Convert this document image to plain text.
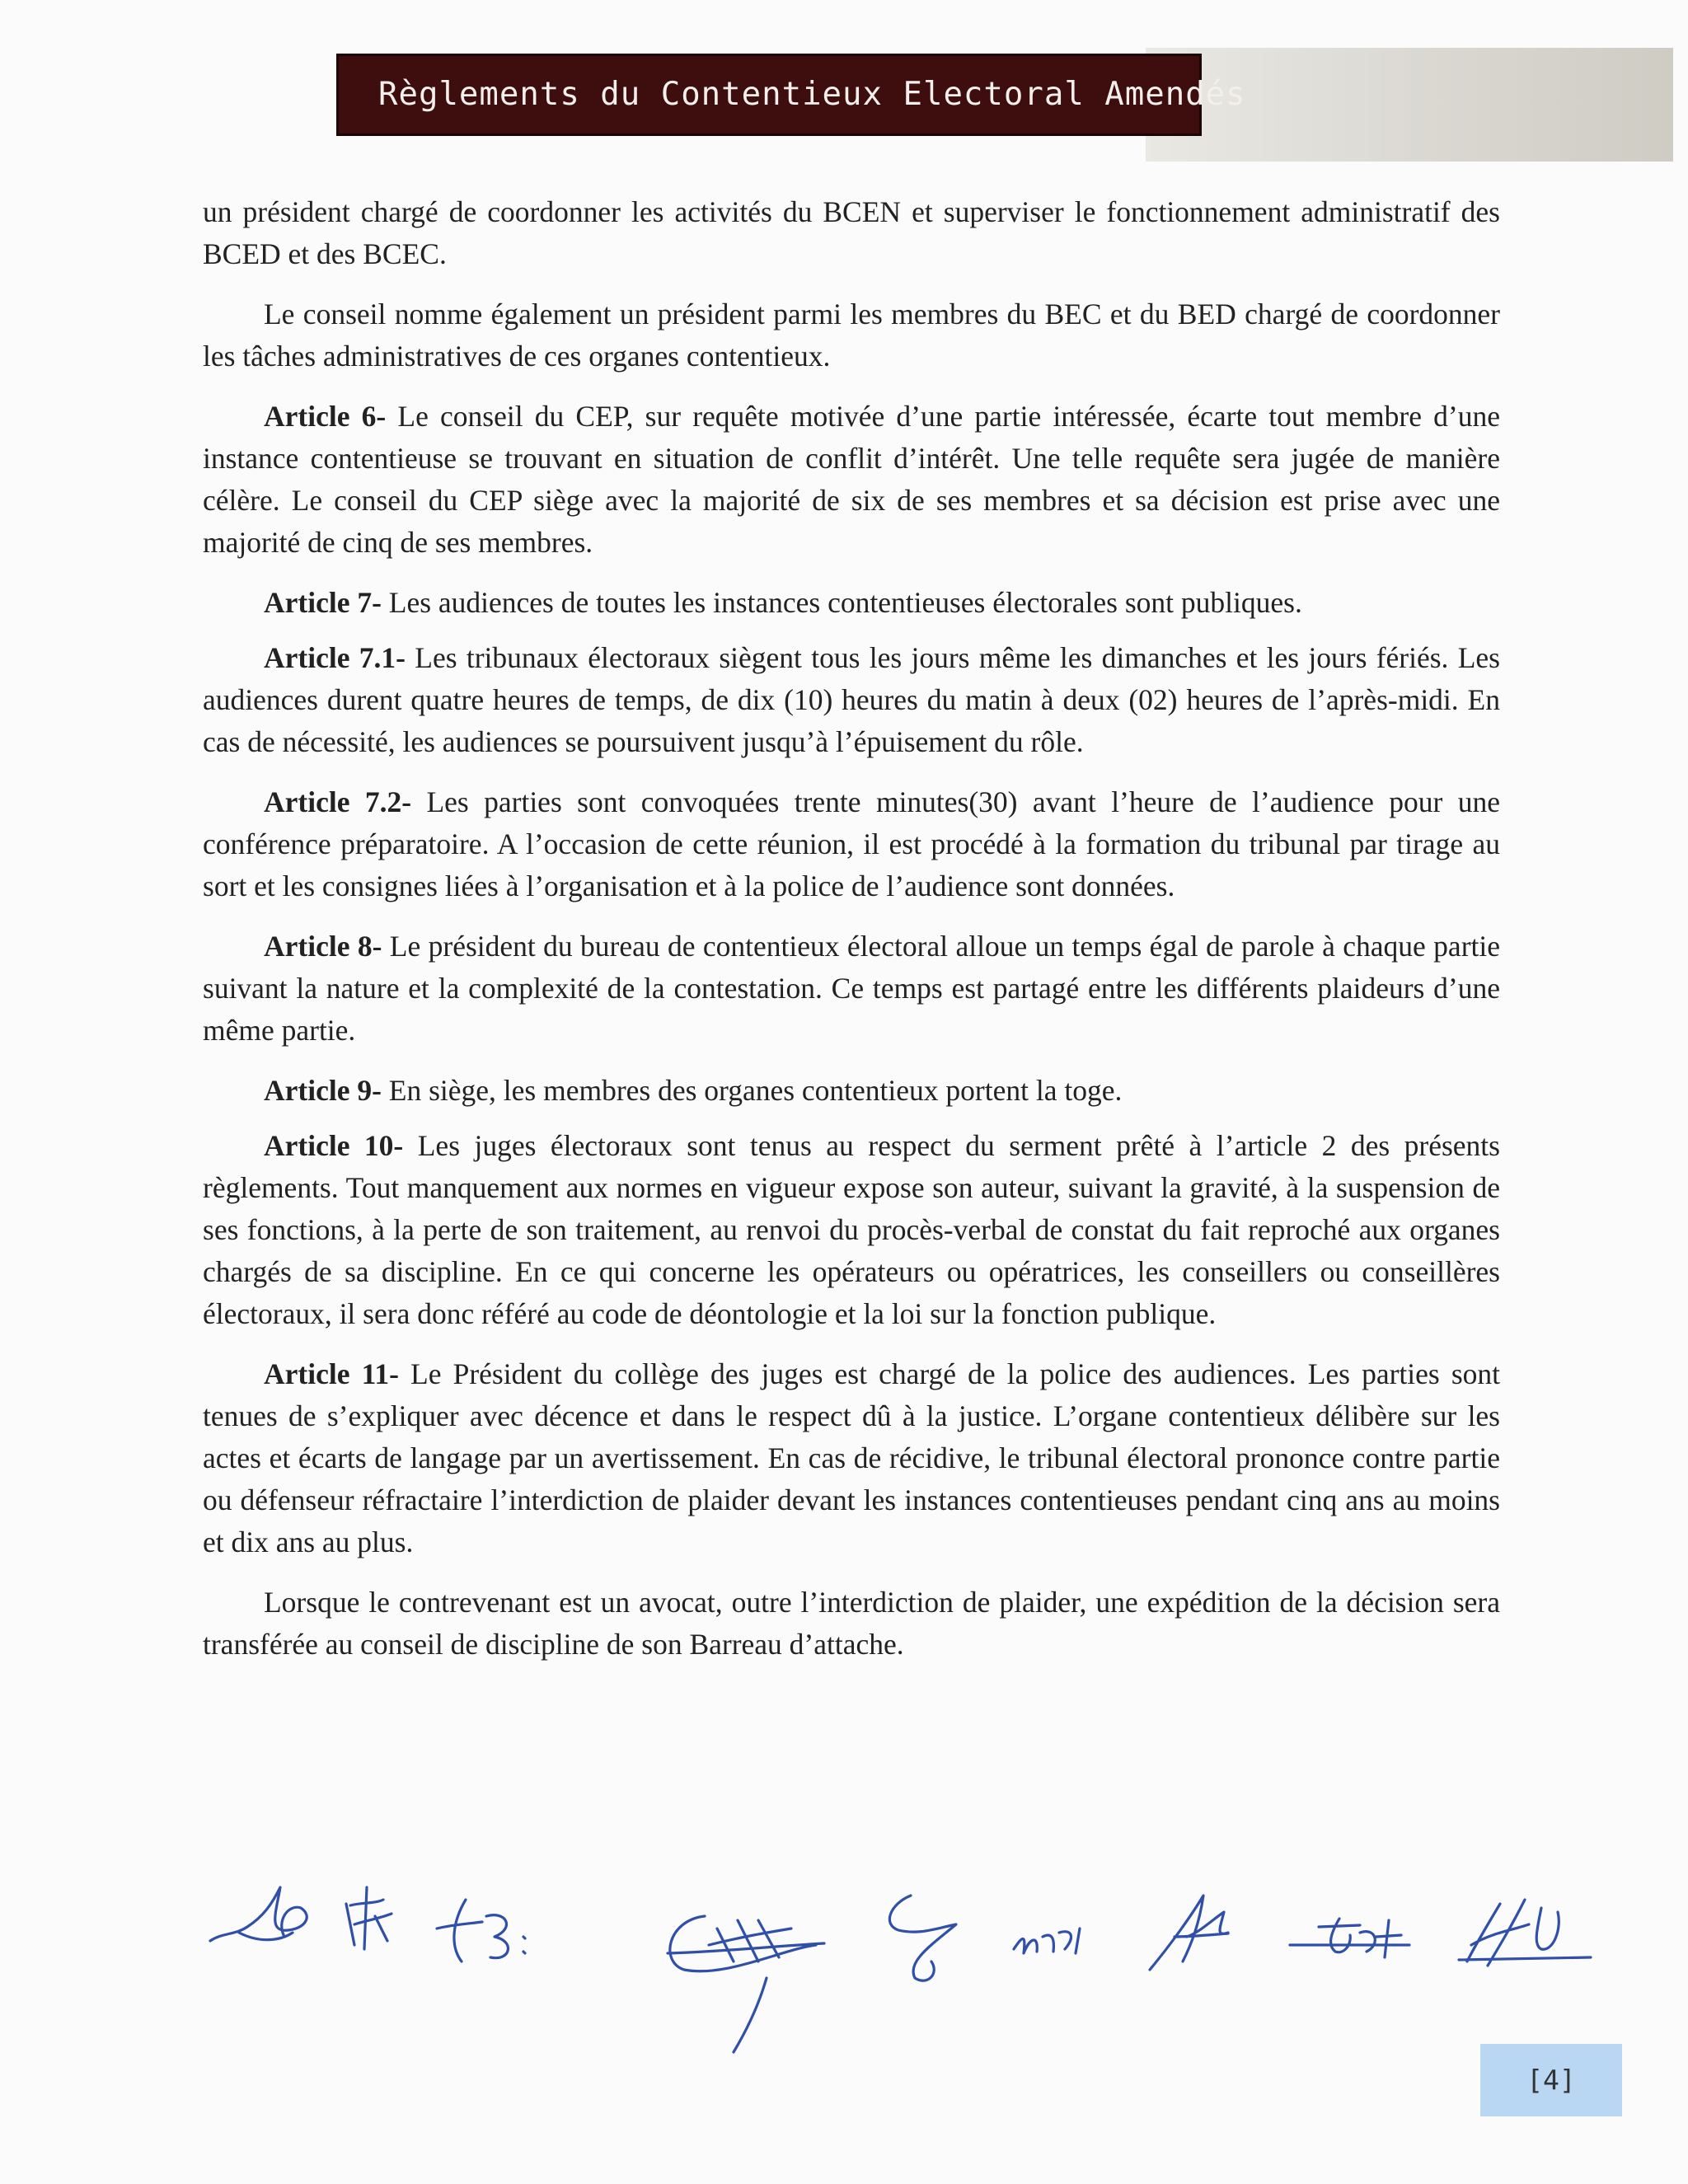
Règlements du Contentieux Electoral Amendés

un président chargé de coordonner les activités du BCEN et superviser le fonctionnement administratif des BCED et des BCEC.

Le conseil nomme également un président parmi les membres du BEC et du BED chargé de coordonner les tâches administratives de ces organes contentieux.

Article 6- Le conseil du CEP, sur requête motivée d’une partie intéressée, écarte tout membre d’une instance contentieuse se trouvant en situation de conflit d’intérêt. Une telle requête sera jugée de manière célère. Le conseil du CEP siège avec la majorité de six de ses membres et sa décision est prise avec une majorité de cinq de ses membres.

Article 7- Les audiences de toutes les instances contentieuses électorales sont publiques.

Article 7.1- Les tribunaux électoraux siègent tous les jours même les dimanches et les jours fériés. Les audiences durent quatre heures de temps, de dix (10) heures du matin à deux (02) heures de l’après-midi. En cas de nécessité, les audiences se poursuivent jusqu’à l’épuisement du rôle.

Article 7.2- Les parties sont convoquées trente minutes(30) avant l’heure de l’audience pour une conférence préparatoire. A l’occasion de cette réunion, il est procédé à la formation du tribunal par tirage au sort et les consignes liées à l’organisation et à la police de l’audience sont données.

Article 8- Le président du bureau de contentieux électoral alloue un temps égal de parole à chaque partie suivant la nature et la complexité de la contestation. Ce temps est partagé entre les différents plaideurs d’une même partie.

Article 9- En siège, les membres des organes contentieux portent la toge.

Article 10- Les juges électoraux sont tenus au respect du serment prêté à l’article 2 des présents règlements. Tout manquement aux normes en vigueur expose son auteur, suivant la gravité, à la suspension de ses fonctions, à la perte de son traitement, au renvoi du procès-verbal de constat du fait reproché aux organes chargés de sa discipline. En ce qui concerne les opérateurs ou opératrices, les conseillers ou conseillères électoraux, il sera donc référé au code de déontologie et la loi sur la fonction publique.

Article 11- Le Président du collège des juges est chargé de la police des audiences. Les parties sont tenues de s’expliquer avec décence et dans le respect dû à la justice. L’organe contentieux délibère sur les actes et écarts de langage par un avertissement. En cas de récidive, le tribunal électoral prononce contre partie ou défenseur réfractaire l’interdiction de plaider devant les instances contentieuses pendant cinq ans au moins et dix ans au plus.

Lorsque le contrevenant est un avocat, outre l’interdiction de plaider, une expédition de la décision sera transférée au conseil de discipline de son Barreau d’attache.

[4]
